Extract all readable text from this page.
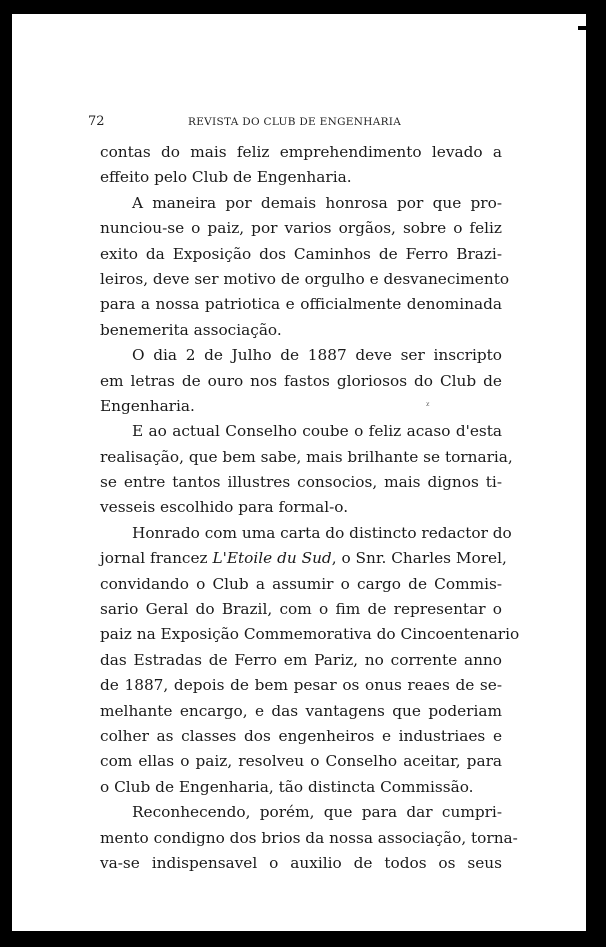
72	REVISTA DO CLUB DE ENGENHARIA
ᵪ
contas do mais feliz emprehendimento levado a
effeito pelo Club de Engenharia.
A maneira por demais honrosa por que pro-
nunciou-se o paiz, por varios orgãos, sobre o feliz
exito da Exposição dos Caminhos de Ferro Brazi-
leiros, deve ser motivo de orgulho e desvanecimento
para a nossa patriotica e officialmente denominada
benemerita associação.
O dia 2 de Julho de 1887 deve ser inscripto
em letras de ouro nos fastos gloriosos do Club de
Engenharia.
E ao actual Conselho coube o feliz acaso d'esta
realisação, que bem sabe, mais brilhante se tornaria,
se entre tantos illustres consocios, mais dignos ti-
vesseis escolhido para formal-o.
Honrado com uma carta do distincto redactor do
jornal francez L'Etoile du Sud, o Snr. Charles Morel,
convidando o Club a assumir o cargo de Commis-
sario Geral do Brazil, com o fim de representar o
paiz na Exposição Commemorativa do Cincoentenario
das Estradas de Ferro em Pariz, no corrente anno
de 1887, depois de bem pesar os onus reaes de se-
melhante encargo, e das vantagens que poderiam
colher as classes dos engenheiros e industriaes e
com ellas o paiz, resolveu o Conselho aceitar, para
o Club de Engenharia, tão distincta Commissão.
Reconhecendo, porém, que para dar cumpri-
mento condigno dos brios da nossa associação, torna-
va-se indispensavel o auxilio de todos os seus
